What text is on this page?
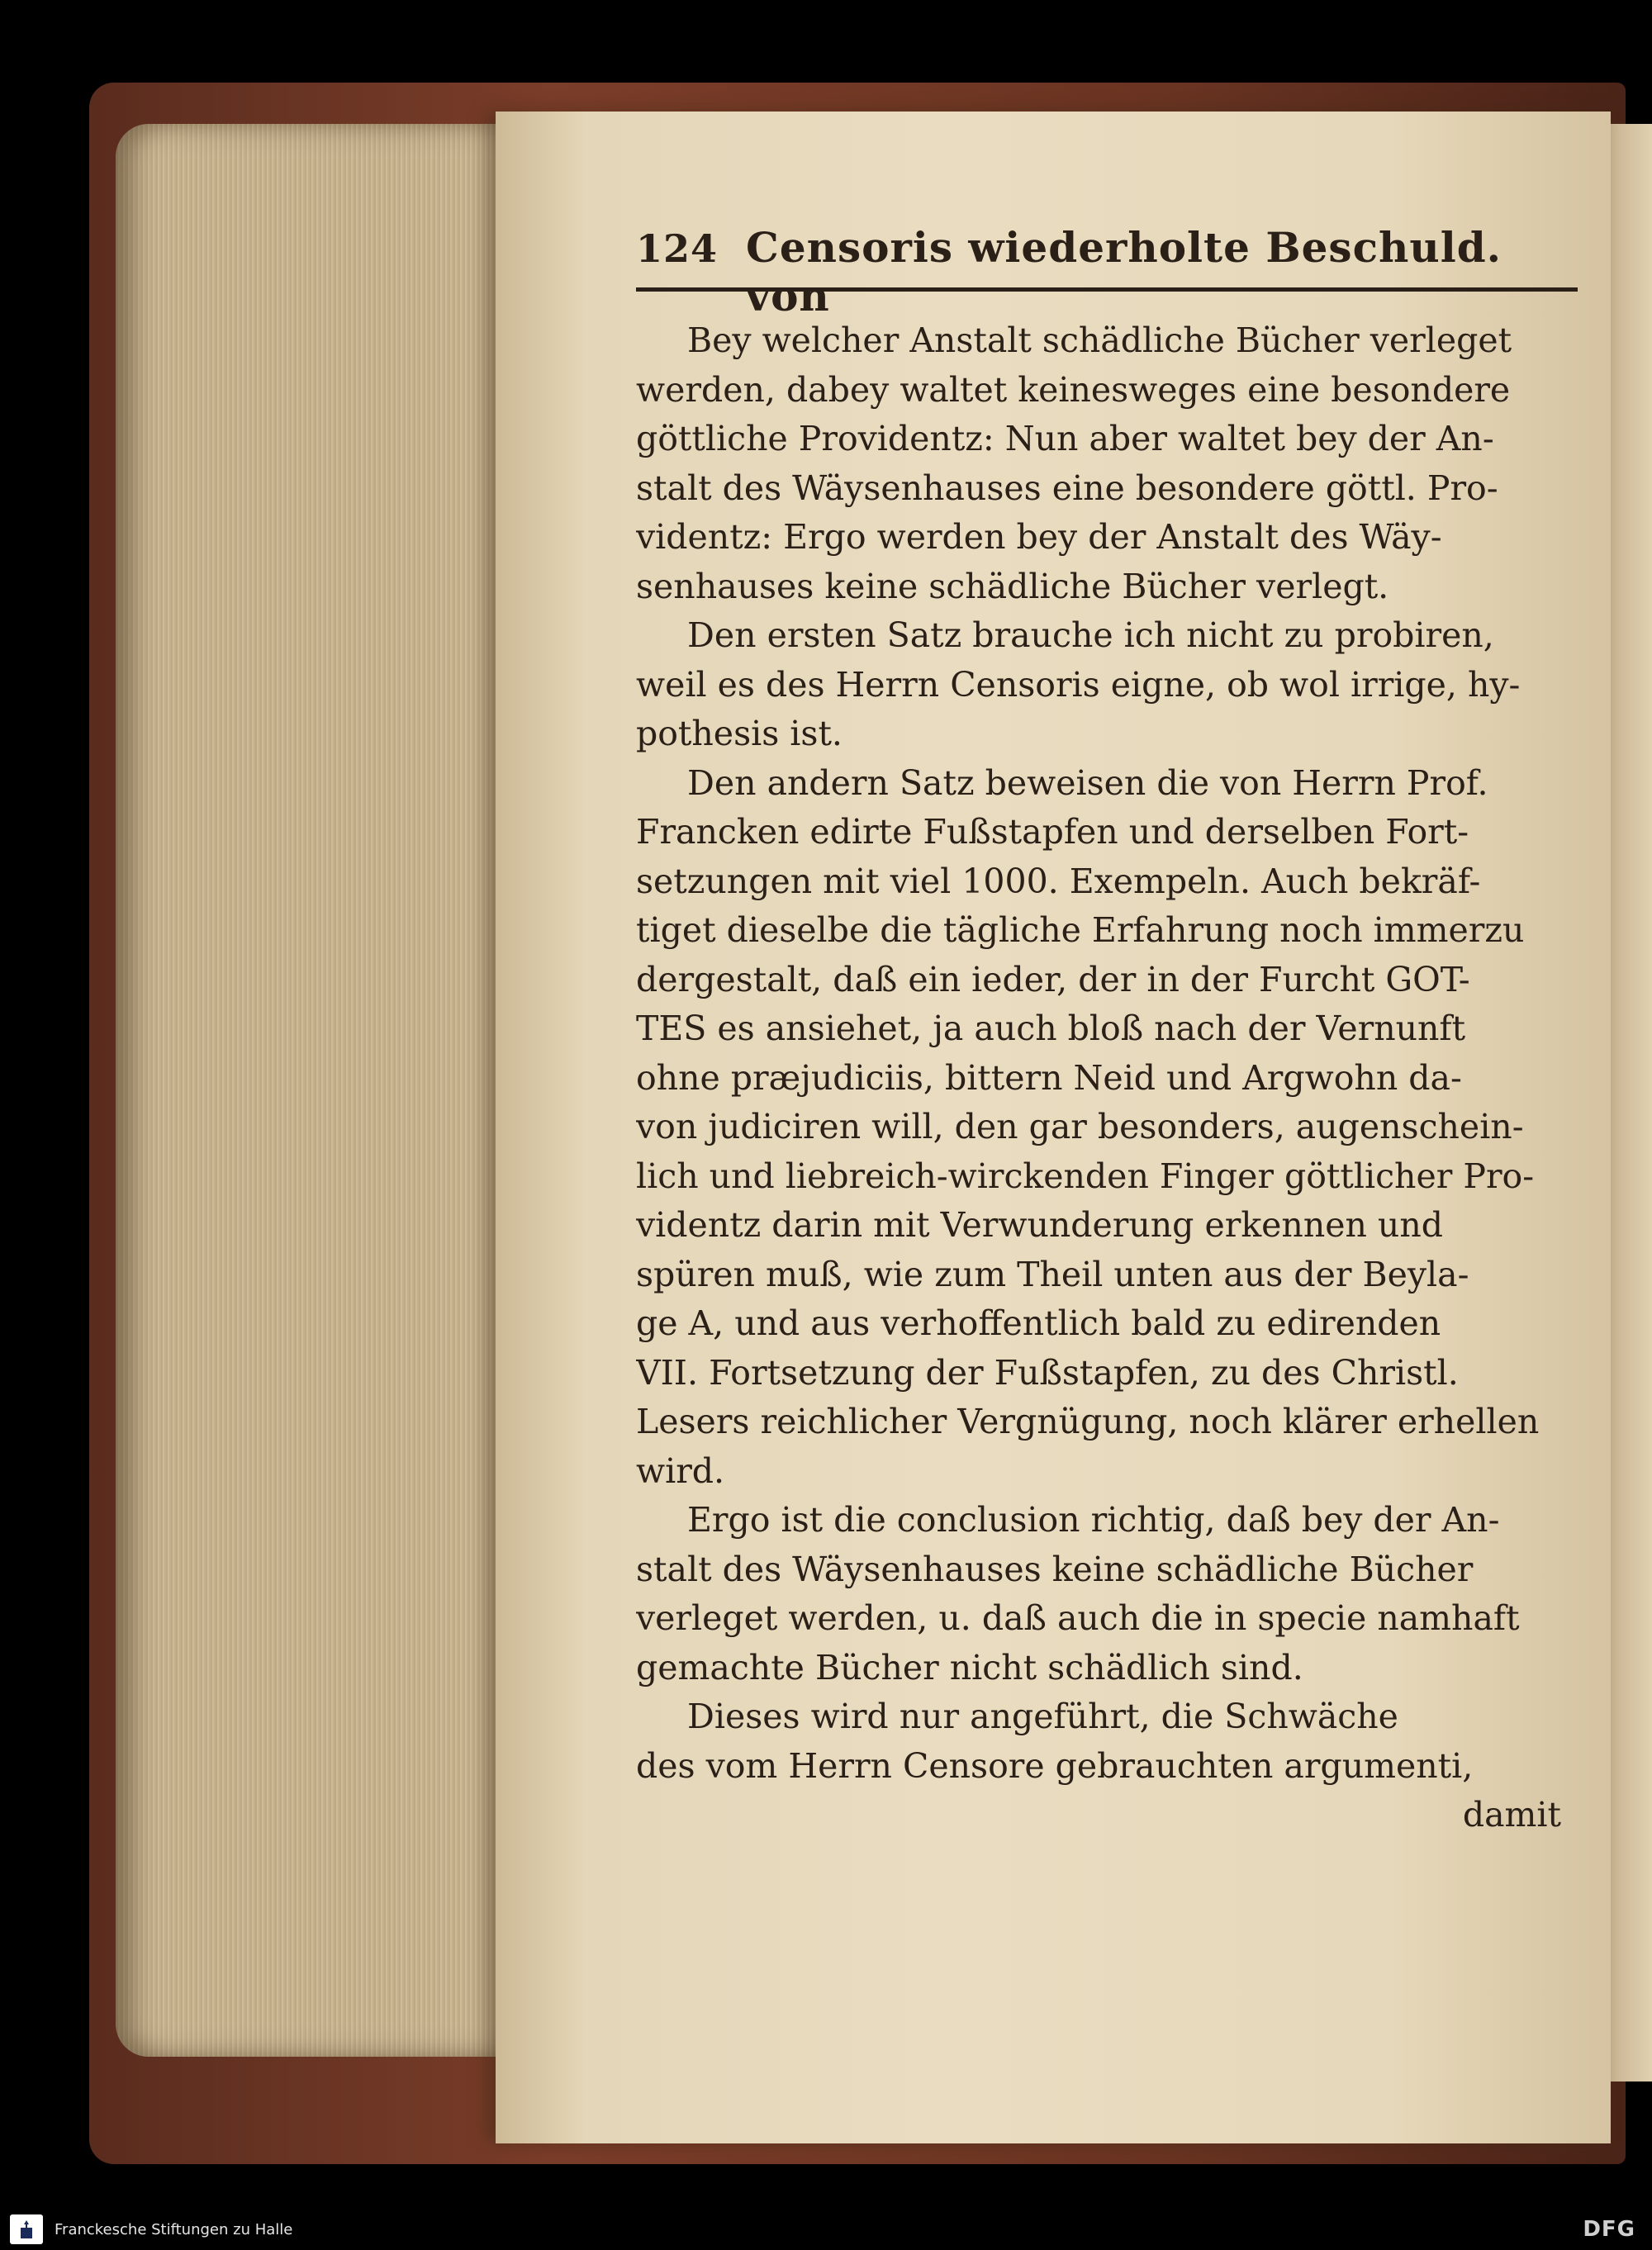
124 Censoris wiederholte Beschuld. von
Bey welcher Anstalt schädliche Bücher verleget
werden, dabey waltet keinesweges eine besondere
göttliche Providentz: Nun aber waltet bey der An-
stalt des Wäysenhauses eine besondere göttl. Pro-
videntz: Ergo werden bey der Anstalt des Wäy-
senhauses keine schädliche Bücher verlegt.
Den ersten Satz brauche ich nicht zu probiren,
weil es des Herrn Censoris eigne, ob wol irrige, hy-
pothesis ist.
Den andern Satz beweisen die von Herrn Prof.
Francken edirte Fußstapfen und derselben Fort-
setzungen mit viel 1000. Exempeln. Auch bekräf-
tiget dieselbe die tägliche Erfahrung noch immerzu
dergestalt, daß ein ieder, der in der Furcht GOT-
TES es ansiehet, ja auch bloß nach der Vernunft
ohne præjudiciis, bittern Neid und Argwohn da-
von judiciren will, den gar besonders, augenschein-
lich und liebreich-wirckenden Finger göttlicher Pro-
videntz darin mit Verwunderung erkennen und
spüren muß, wie zum Theil unten aus der Beyla-
ge A, und aus verhoffentlich bald zu edirenden
VII. Fortsetzung der Fußstapfen, zu des Christl.
Lesers reichlicher Vergnügung, noch klärer erhellen
wird.
Ergo ist die conclusion richtig, daß bey der An-
stalt des Wäysenhauses keine schädliche Bücher
verleget werden, u. daß auch die in specie namhaft
gemachte Bücher nicht schädlich sind.
Dieses wird nur angeführt, die Schwäche
des vom Herrn Censore gebrauchten argumenti,
damit
Franckesche Stiftungen zu Halle	DFG
